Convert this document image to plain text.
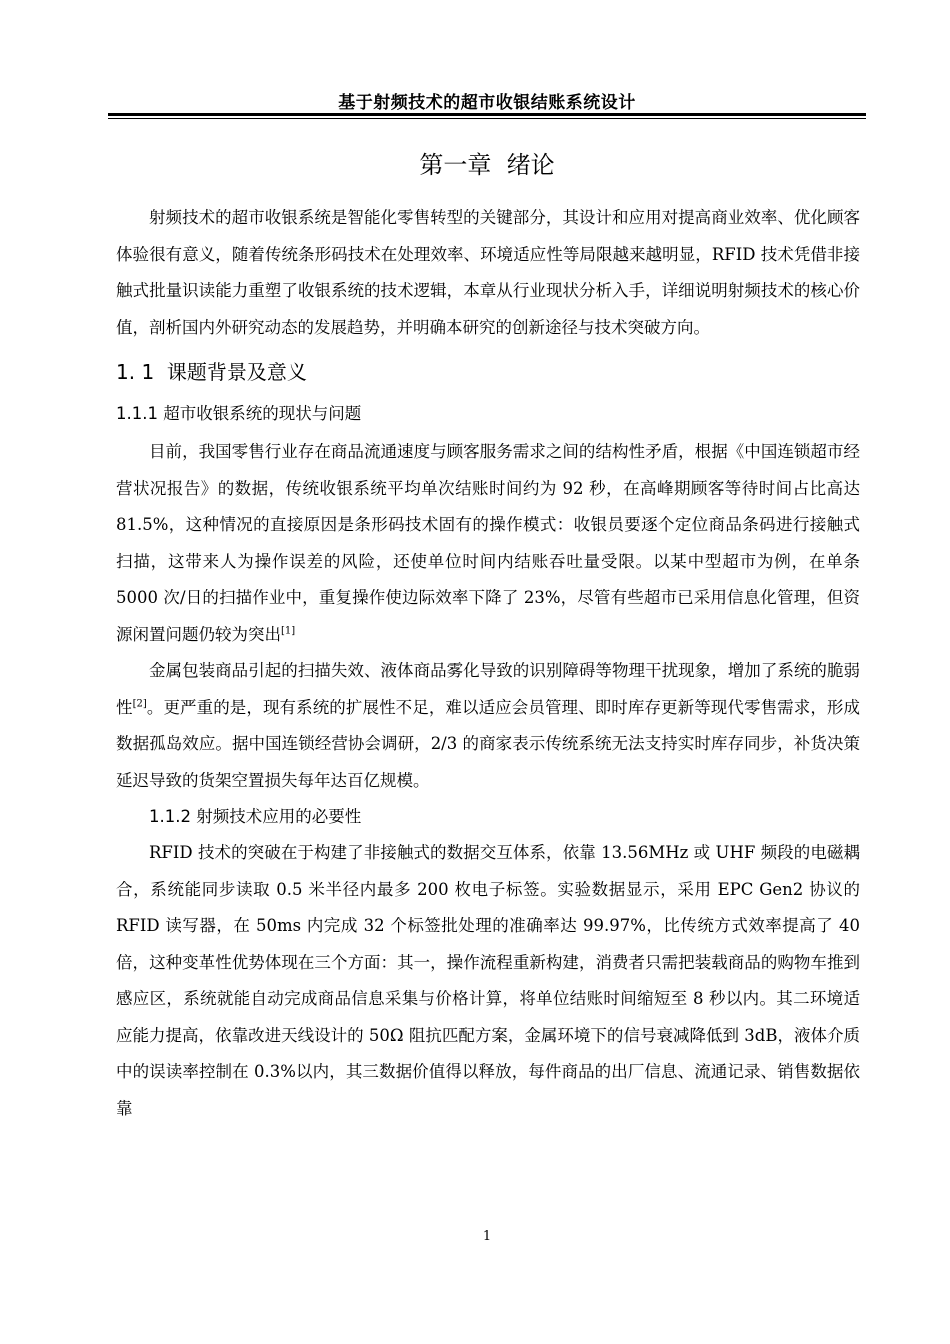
基于射频技术的超市收银结账系统设计
第一章  绪论

射频技术的超市收银系统是智能化零售转型的关键部分，其设计和应用对提高商业效率、优化顾客体验很有意义，随着传统条形码技术在处理效率、环境适应性等局限越来越明显，RFID 技术凭借非接触式批量识读能力重塑了收银系统的技术逻辑，本章从行业现状分析入手，详细说明射频技术的核心价值，剖析国内外研究动态的发展趋势，并明确本研究的创新途径与技术突破方向。

1. 1  课题背景及意义
1.1.1 超市收银系统的现状与问题

目前，我国零售行业存在商品流通速度与顾客服务需求之间的结构性矛盾，根据《中国连锁超市经营状况报告》的数据，传统收银系统平均单次结账时间约为 92 秒，在高峰期顾客等待时间占比高达 81.5%，这种情况的直接原因是条形码技术固有的操作模式：收银员要逐个定位商品条码进行接触式扫描，这带来人为操作误差的风险，还使单位时间内结账吞吐量受限。以某中型超市为例，在单条 5000 次/日的扫描作业中，重复操作使边际效率下降了 23%，尽管有些超市已采用信息化管理，但资源闲置问题仍较为突出[1]

金属包装商品引起的扫描失效、液体商品雾化导致的识别障碍等物理干扰现象，增加了系统的脆弱性[2]。更严重的是，现有系统的扩展性不足，难以适应会员管理、即时库存更新等现代零售需求，形成数据孤岛效应。据中国连锁经营协会调研，2/3 的商家表示传统系统无法支持实时库存同步，补货决策延迟导致的货架空置损失每年达百亿规模。

1.1.2 射频技术应用的必要性

RFID 技术的突破在于构建了非接触式的数据交互体系，依靠 13.56MHz 或 UHF 频段的电磁耦合，系统能同步读取 0.5 米半径内最多 200 枚电子标签。实验数据显示，采用 EPC Gen2 协议的 RFID 读写器，在 50ms 内完成 32 个标签批处理的准确率达 99.97%，比传统方式效率提高了 40 倍，这种变革性优势体现在三个方面：其一，操作流程重新构建，消费者只需把装载商品的购物车推到感应区，系统就能自动完成商品信息采集与价格计算，将单位结账时间缩短至 8 秒以内。其二环境适应能力提高，依靠改进天线设计的 50Ω 阻抗匹配方案，金属环境下的信号衰减降低到 3dB，液体介质中的误读率控制在 0.3%以内，其三数据价值得以释放，每件商品的出厂信息、流通记录、销售数据依靠

1
